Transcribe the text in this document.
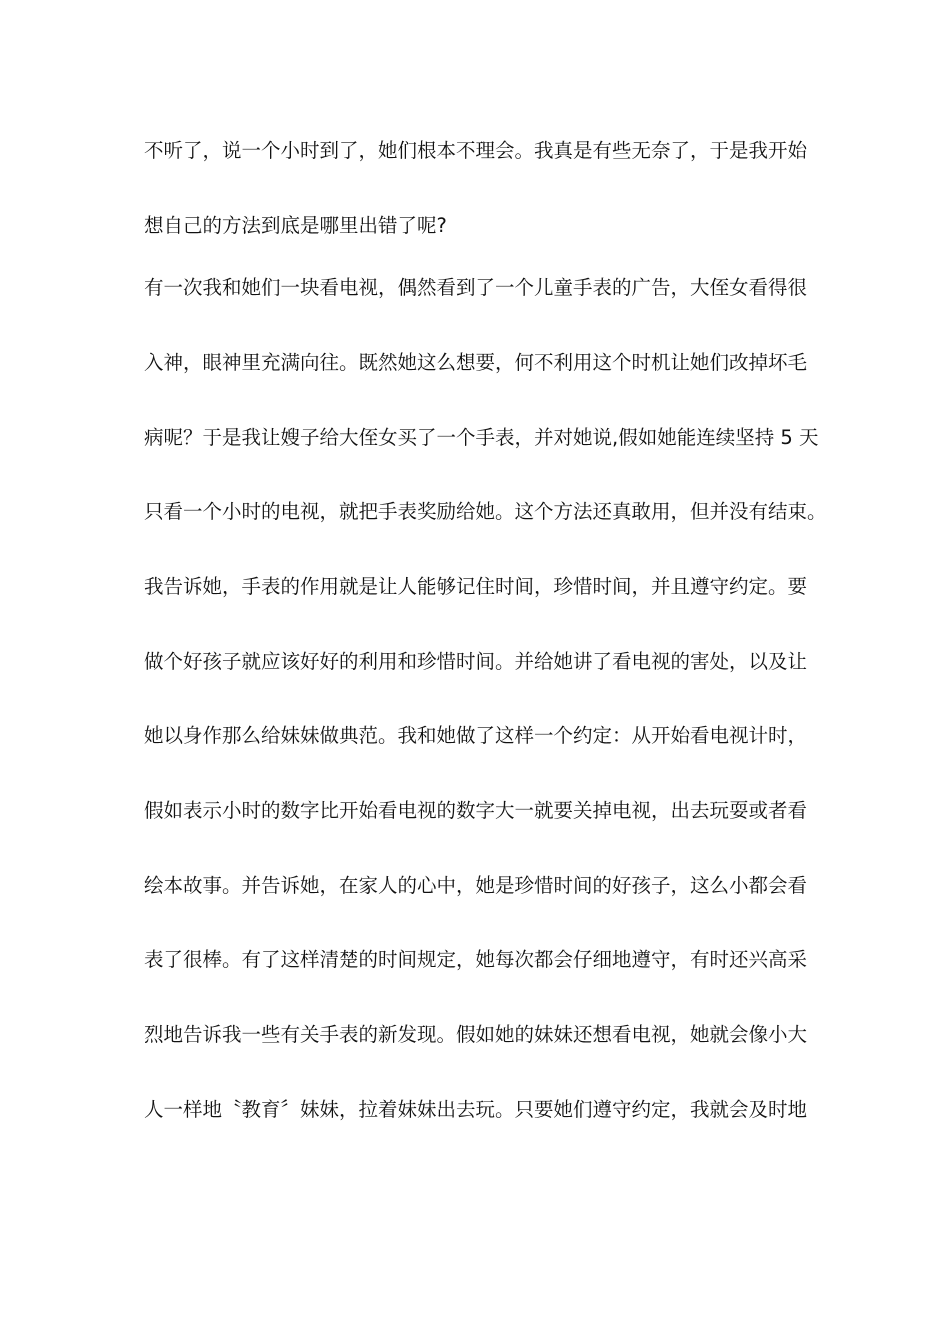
不听了，说一个小时到了，她们根本不理会。我真是有些无奈了，于是我开始
想自己的方法到底是哪里出错了呢?
有一次我和她们一块看电视，偶然看到了一个儿童手表的广告，大侄女看得很
入神，眼神里充满向往。既然她这么想要，何不利用这个时机让她们改掉坏毛
病呢？于是我让嫂子给大侄女买了一个手表，并对她说,假如她能连续坚持 5 天
只看一个小时的电视，就把手表奖励给她。这个方法还真敢用，但并没有结束。
我告诉她，手表的作用就是让人能够记住时间，珍惜时间，并且遵守约定。要
做个好孩子就应该好好的利用和珍惜时间。并给她讲了看电视的害处，以及让
她以身作那么给妹妹做典范。我和她做了这样一个约定：从开始看电视计时，
假如表示小时的数字比开始看电视的数字大一就要关掉电视，出去玩耍或者看
绘本故事。并告诉她，在家人的心中，她是珍惜时间的好孩子，这么小都会看
表了很棒。有了这样清楚的时间规定，她每次都会仔细地遵守，有时还兴高采
烈地告诉我一些有关手表的新发现。假如她的妹妹还想看电视，她就会像小大
人一样地〝教育〞妹妹，拉着妹妹出去玩。只要她们遵守约定，我就会及时地
